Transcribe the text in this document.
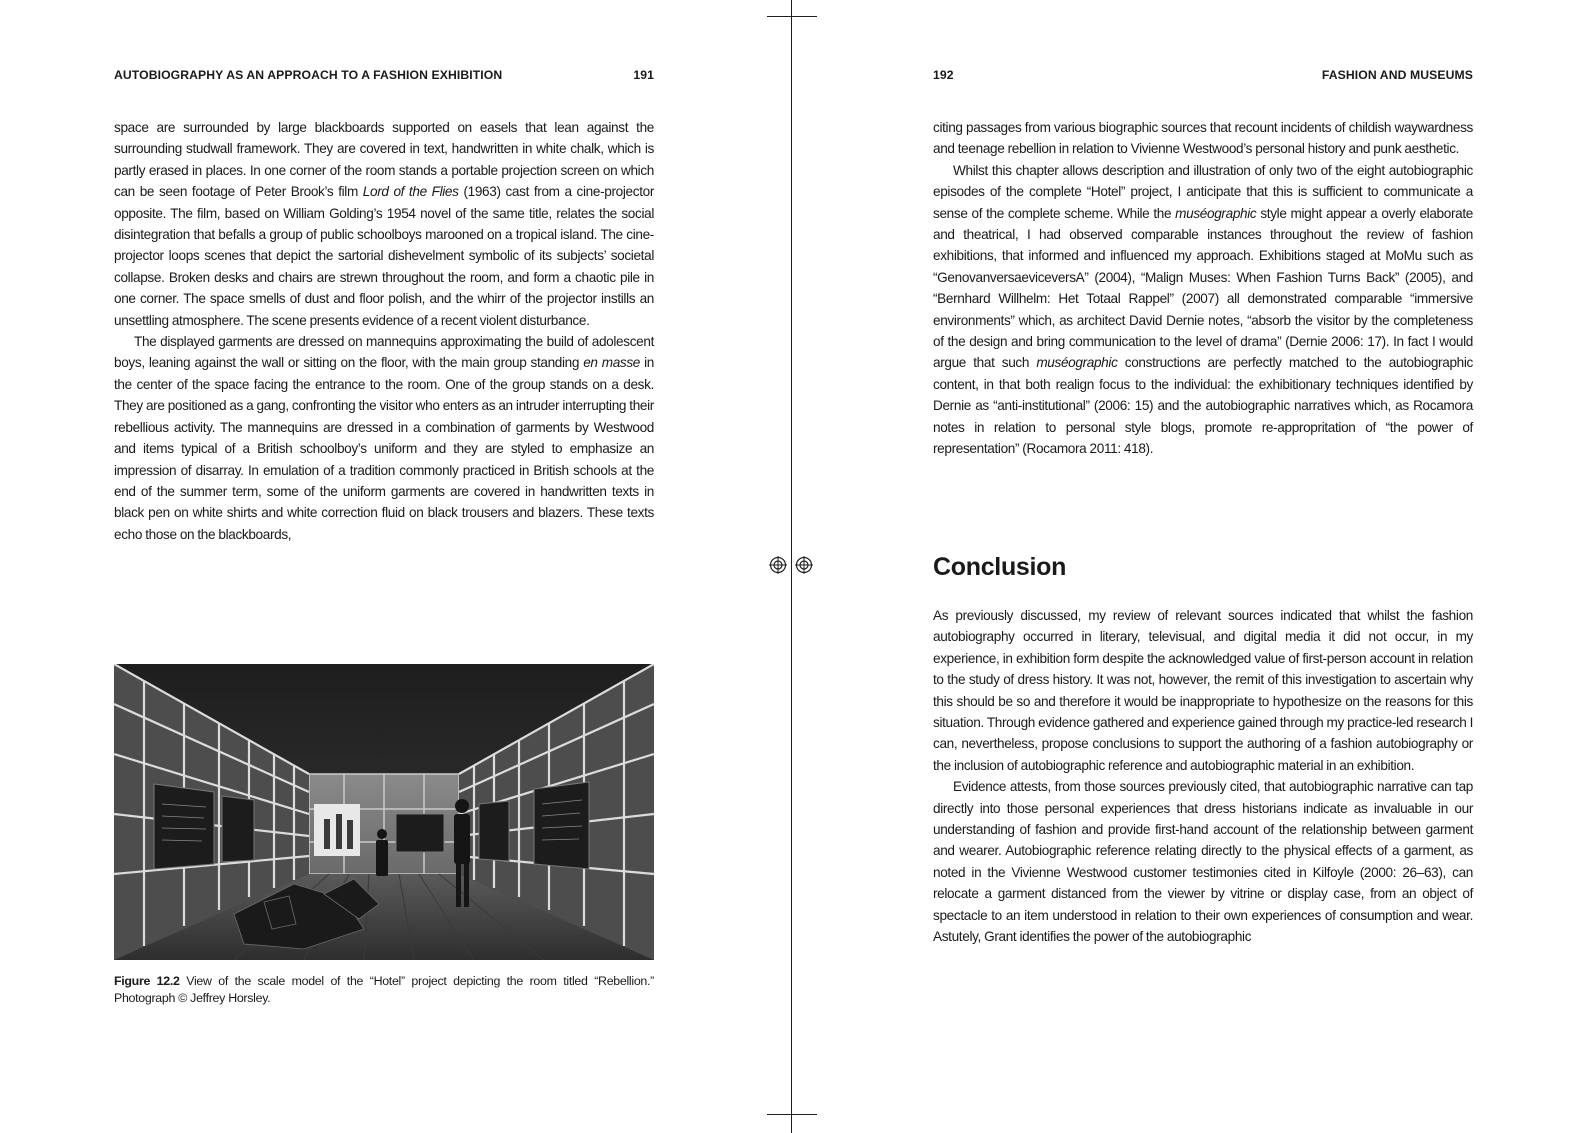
AUTOBIOGRAPHY AS AN APPROACH TO A FASHION EXHIBITION	191

space are surrounded by large blackboards supported on easels that lean against the surrounding studwall framework. They are covered in text, handwritten in white chalk, which is partly erased in places. In one corner of the room stands a portable projection screen on which can be seen footage of Peter Brook’s film Lord of the Flies (1963) cast from a cine-projector opposite. The film, based on William Golding’s 1954 novel of the same title, relates the social disintegration that befalls a group of public schoolboys marooned on a tropical island. The cine-projector loops scenes that depict the sartorial dishevelment symbolic of its subjects’ societal collapse. Broken desks and chairs are strewn throughout the room, and form a chaotic pile in one corner. The space smells of dust and floor polish, and the whirr of the projector instills an unsettling atmosphere. The scene presents evidence of a recent violent disturbance.

The displayed garments are dressed on mannequins approximating the build of adolescent boys, leaning against the wall or sitting on the floor, with the main group standing en masse in the center of the space facing the entrance to the room. One of the group stands on a desk. They are positioned as a gang, confronting the visitor who enters as an intruder interrupting their rebellious activity. The mannequins are dressed in a combination of garments by Westwood and items typical of a British schoolboy’s uniform and they are styled to emphasize an impression of disarray. In emulation of a tradition commonly practiced in British schools at the end of the summer term, some of the uniform garments are covered in handwritten texts in black pen on white shirts and white correction fluid on black trousers and blazers. These texts echo those on the blackboards,

Figure 12.2 View of the scale model of the “Hotel” project depicting the room titled “Rebellion.” Photograph © Jeffrey Horsley.
192	FASHION AND MUSEUMS

citing passages from various biographic sources that recount incidents of childish waywardness and teenage rebellion in relation to Vivienne Westwood’s personal history and punk aesthetic.

Whilst this chapter allows description and illustration of only two of the eight autobiographic episodes of the complete “Hotel” project, I anticipate that this is sufficient to communicate a sense of the complete scheme. While the muséographic style might appear a overly elaborate and theatrical, I had observed comparable instances throughout the review of fashion exhibitions, that informed and influenced my approach. Exhibitions staged at MoMu such as “GenovanversaeviceversA” (2004), “Malign Muses: When Fashion Turns Back” (2005), and “Bernhard Willhelm: Het Totaal Rappel” (2007) all demonstrated comparable “immersive environments” which, as architect David Dernie notes, “absorb the visitor by the completeness of the design and bring communication to the level of drama” (Dernie 2006: 17). In fact I would argue that such muséographic constructions are perfectly matched to the autobiographic content, in that both realign focus to the individual: the exhibitionary techniques identified by Dernie as “anti-institutional” (2006: 15) and the autobiographic narratives which, as Rocamora notes in relation to personal style blogs, promote re-appropritation of “the power of representation” (Rocamora 2011: 418).

Conclusion

As previously discussed, my review of relevant sources indicated that whilst the fashion autobiography occurred in literary, televisual, and digital media it did not occur, in my experience, in exhibition form despite the acknowledged value of first-person account in relation to the study of dress history. It was not, however, the remit of this investigation to ascertain why this should be so and therefore it would be inappropriate to hypothesize on the reasons for this situation. Through evidence gathered and experience gained through my practice-led research I can, nevertheless, propose conclusions to support the authoring of a fashion autobiography or the inclusion of autobiographic reference and autobiographic material in an exhibition.

Evidence attests, from those sources previously cited, that autobiographic narrative can tap directly into those personal experiences that dress historians indicate as invaluable in our understanding of fashion and provide first-hand account of the relationship between garment and wearer. Autobiographic reference relating directly to the physical effects of a garment, as noted in the Vivienne Westwood customer testimonies cited in Kilfoyle (2000: 26–63), can relocate a garment distanced from the viewer by vitrine or display case, from an object of spectacle to an item understood in relation to their own experiences of consumption and wear. Astutely, Grant identifies the power of the autobiographic
